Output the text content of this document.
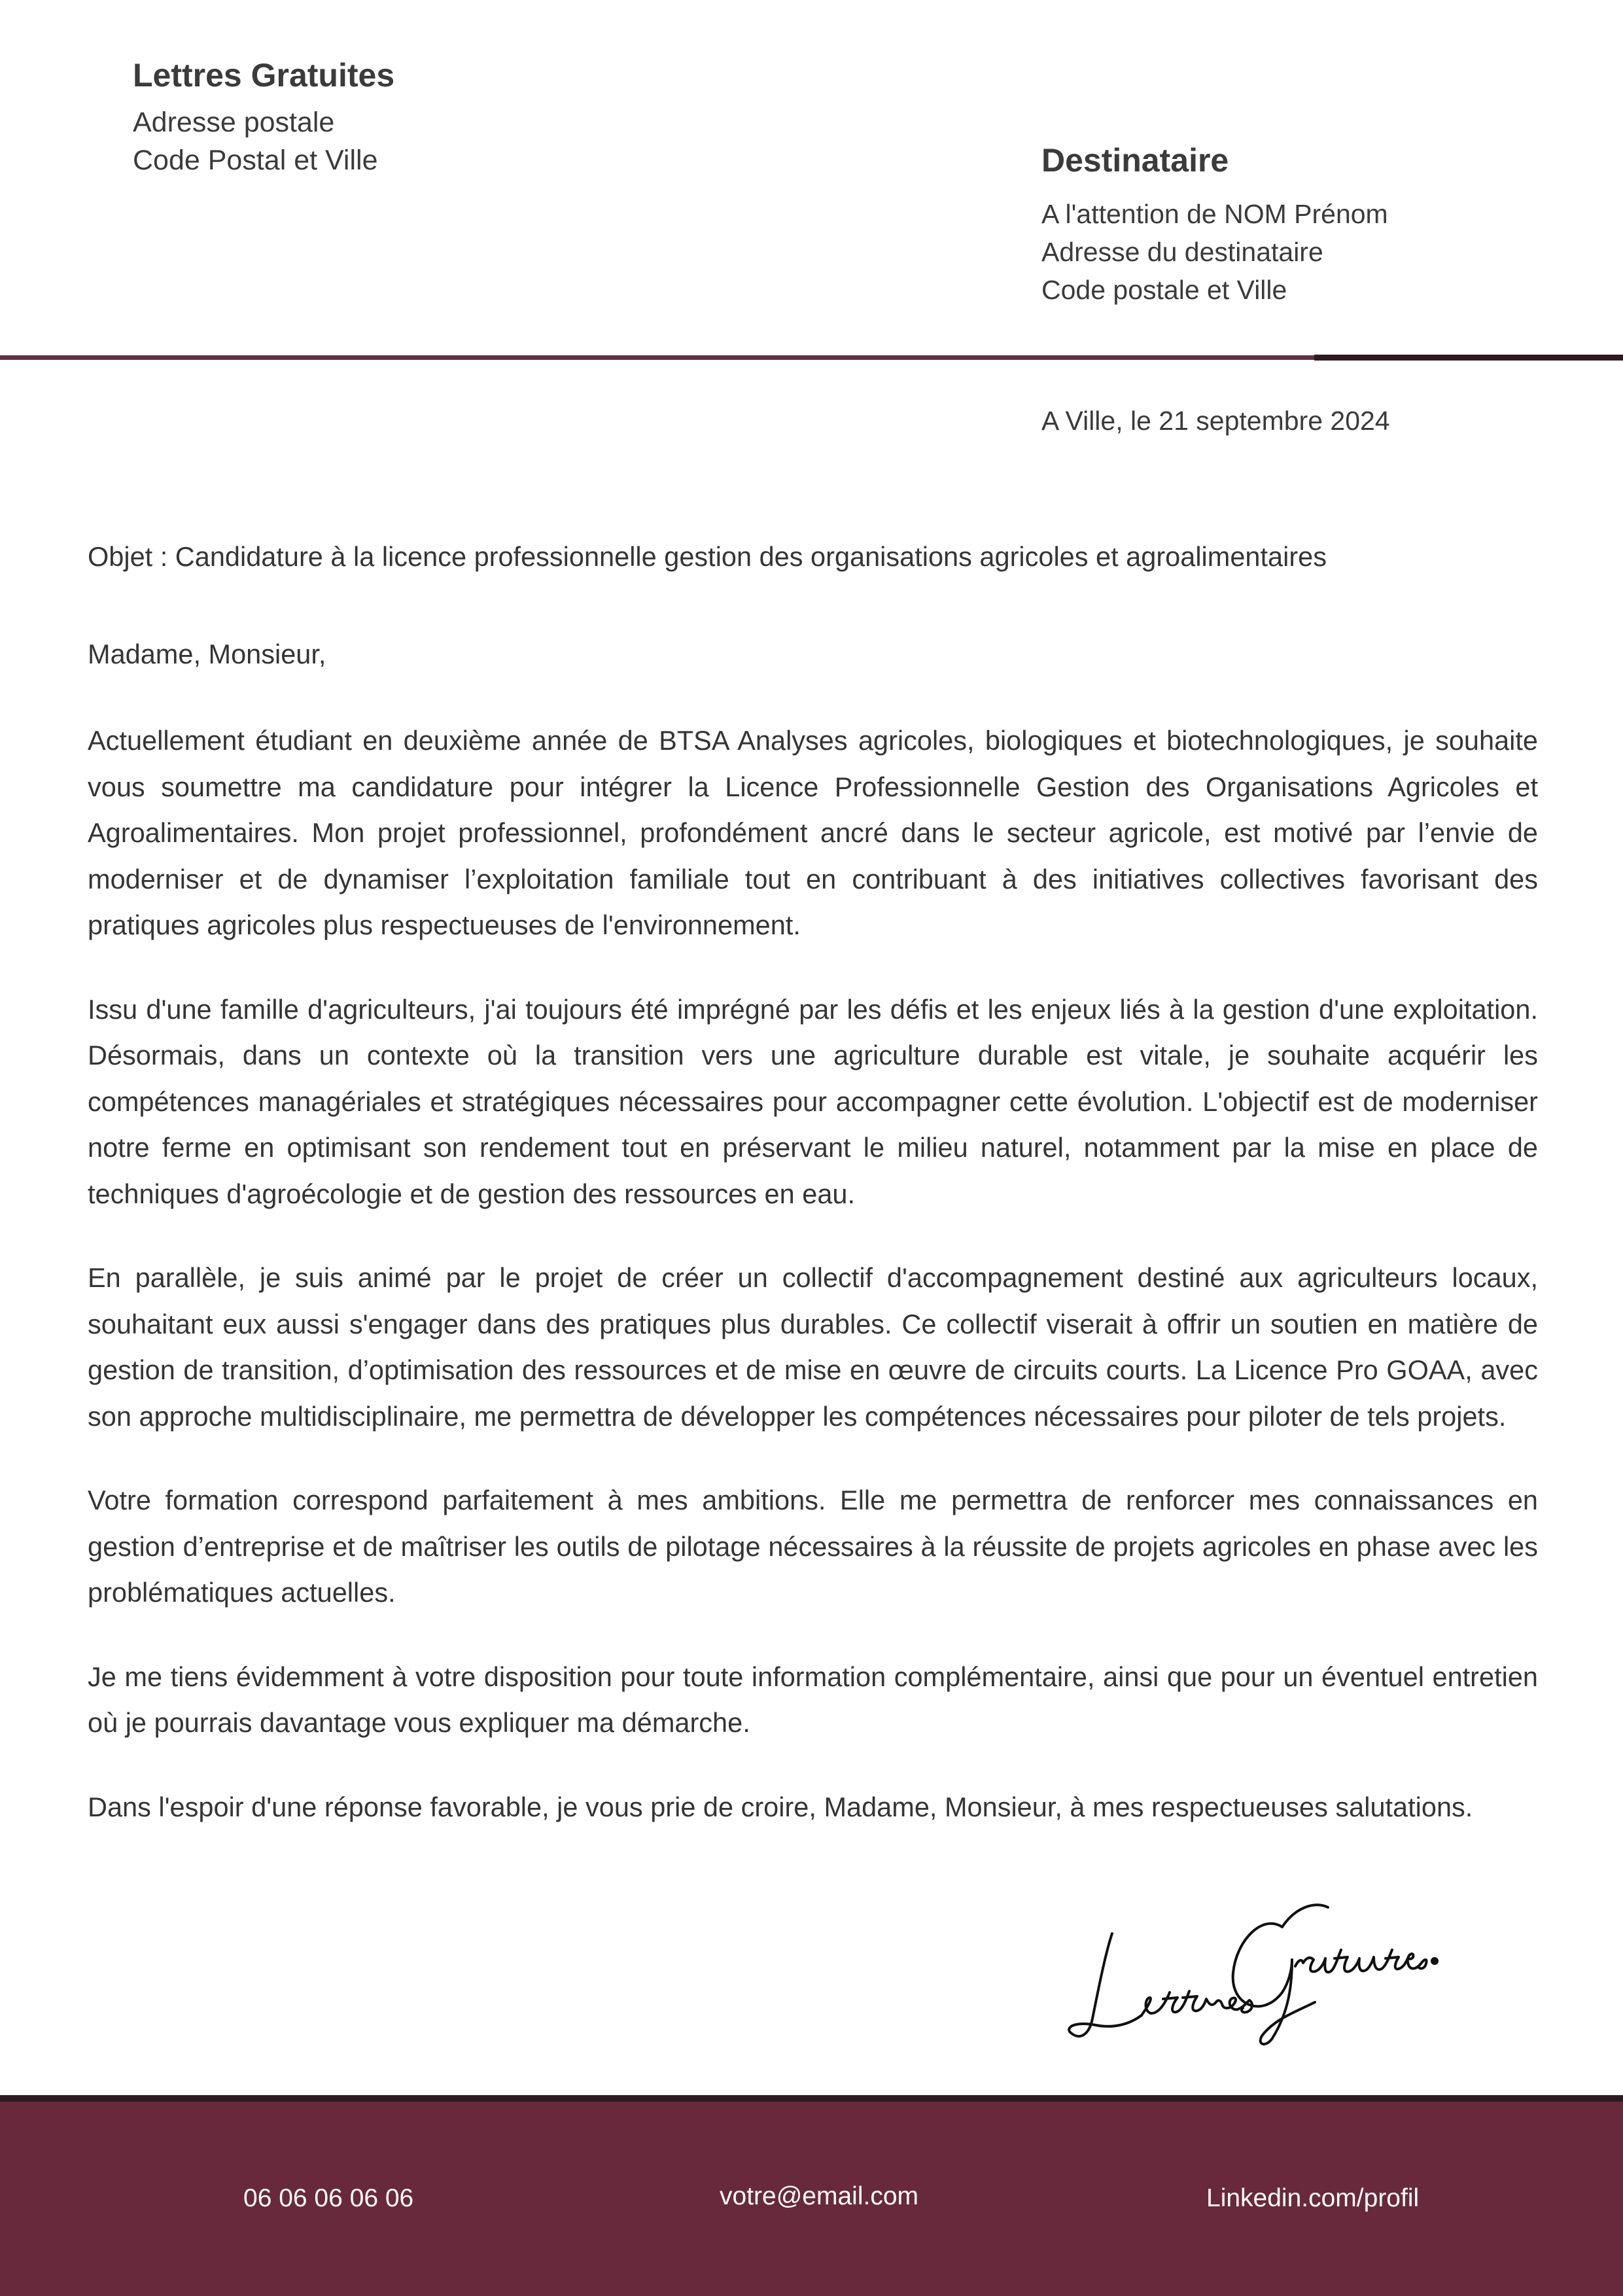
Lettres Gratuites
Adresse postale
Code Postal et Ville	Destinataire
A l'attention de NOM Prénom
Adresse du destinataire
Code postale et Ville
A Ville, le 21 septembre 2024
Objet : Candidature à la licence professionnelle gestion des organisations agricoles et agroalimentaires
Madame, Monsieur,

Actuellement étudiant en deuxième année de BTSA Analyses agricoles, biologiques et biotechnologiques, je souhaite vous soumettre ma candidature pour intégrer la Licence Professionnelle Gestion des Organisations Agricoles et Agroalimentaires. Mon projet professionnel, profondément ancré dans le secteur agricole, est motivé par l’envie de moderniser et de dynamiser l’exploitation familiale tout en contribuant à des initiatives collectives favorisant des pratiques agricoles plus respectueuses de l'environnement.

Issu d'une famille d'agriculteurs, j'ai toujours été imprégné par les défis et les enjeux liés à la gestion d'une exploitation. Désormais, dans un contexte où la transition vers une agriculture durable est vitale, je souhaite acquérir les compétences managériales et stratégiques nécessaires pour accompagner cette évolution. L'objectif est de moderniser notre ferme en optimisant son rendement tout en préservant le milieu naturel, notamment par la mise en place de techniques d'agroécologie et de gestion des ressources en eau.

En parallèle, je suis animé par le projet de créer un collectif d'accompagnement destiné aux agriculteurs locaux, souhaitant eux aussi s'engager dans des pratiques plus durables. Ce collectif viserait à offrir un soutien en matière de gestion de transition, d’optimisation des ressources et de mise en œuvre de circuits courts. La Licence Pro GOAA, avec son approche multidisciplinaire, me permettra de développer les compétences nécessaires pour piloter de tels projets.

Votre formation correspond parfaitement à mes ambitions. Elle me permettra de renforcer mes connaissances en gestion d’entreprise et de maîtriser les outils de pilotage nécessaires à la réussite de projets agricoles en phase avec les problématiques actuelles.

Je me tiens évidemment à votre disposition pour toute information complémentaire, ainsi que pour un éventuel entretien où je pourrais davantage vous expliquer ma démarche.

Dans l'espoir d'une réponse favorable, je vous prie de croire, Madame, Monsieur, à mes respectueuses salutations.

06 06 06 06 06	votre@email.com	Linkedin.com/profil
